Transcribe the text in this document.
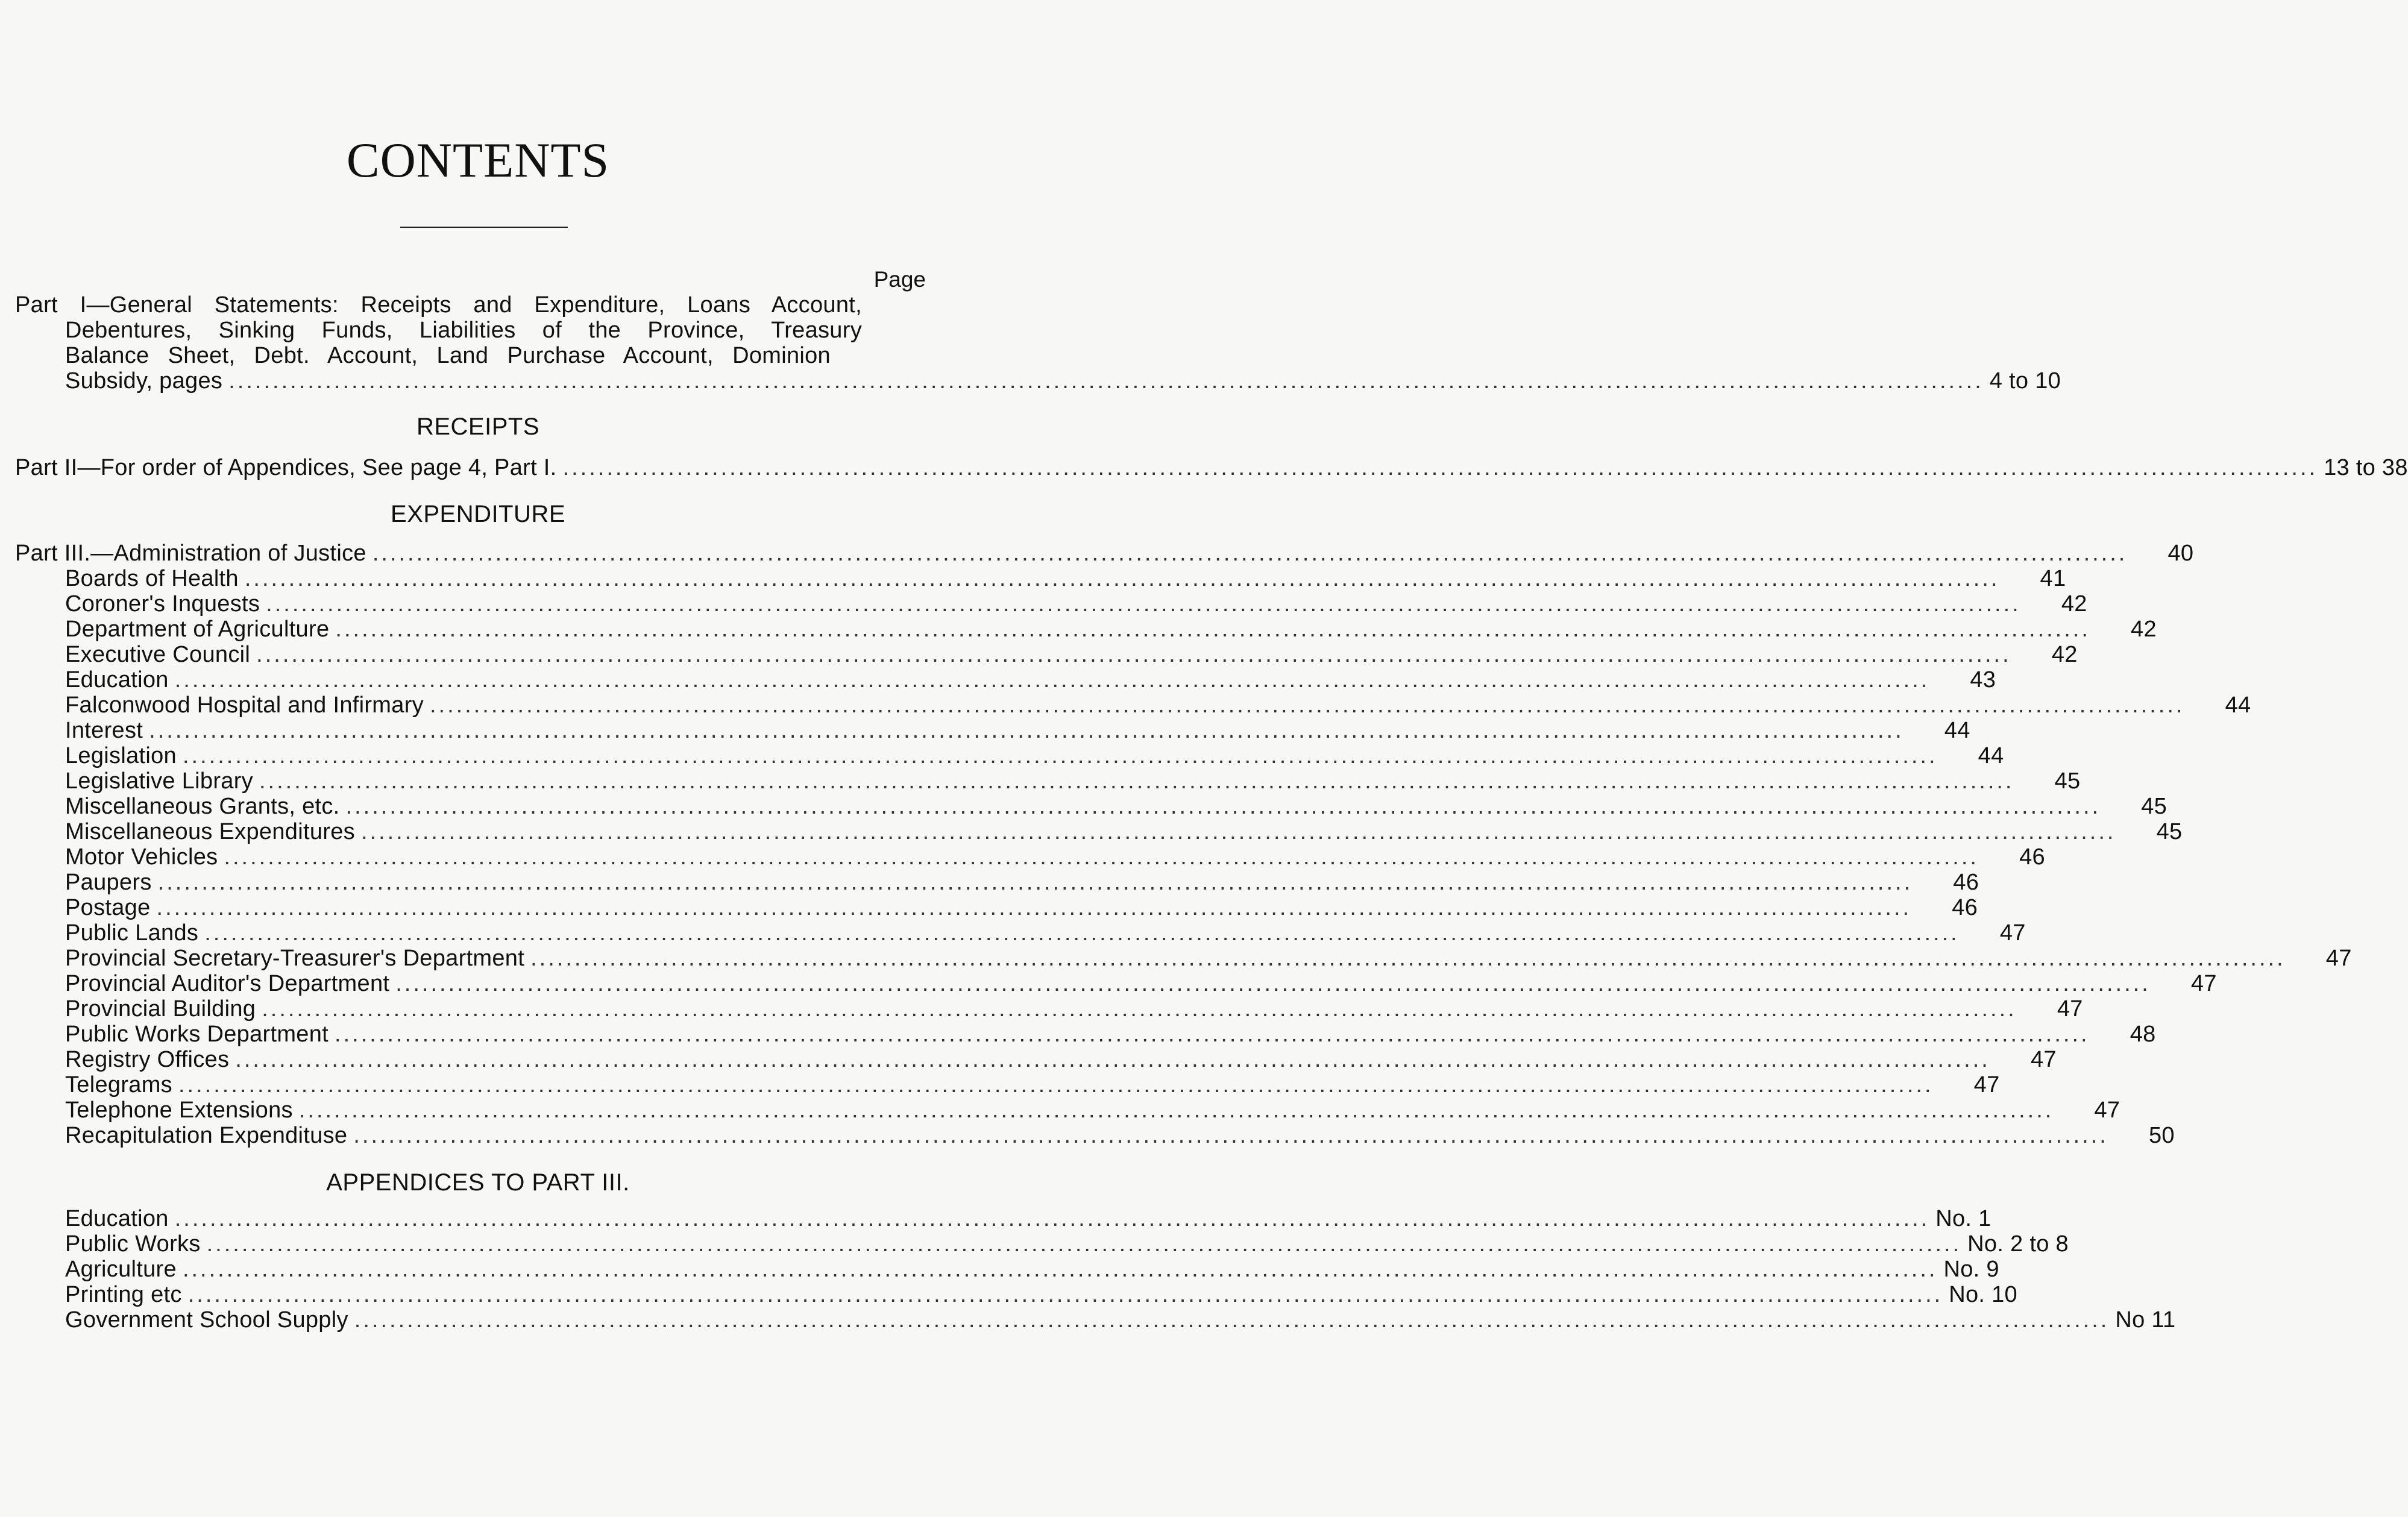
CONTENTS
Page
Part I—General Statements: Receipts and Expenditure, Loans Account,
Debentures, Sinking Funds, Liabilities of the Province, Treasury
Balance Sheet, Debt. Account, Land Purchase Account, Dominion
Subsidy, pages ........................................................................................................................................................................................................ 4 to 10
RECEIPTS
Part II—For order of Appendices, See page 4, Part I. ........................................................................................................................................................................................................ 13 to 38
EXPENDITURE
Part III.—Administration of Justice ........................................................................................................................................................................................................	40
Boards of Health ........................................................................................................................................................................................................	41
Coroner's Inquests ........................................................................................................................................................................................................	42
Department of Agriculture ........................................................................................................................................................................................................	42
Executive Council ........................................................................................................................................................................................................	42
Education ........................................................................................................................................................................................................	43
Falconwood Hospital and Infirmary ........................................................................................................................................................................................................	44
Interest ........................................................................................................................................................................................................	44
Legislation ........................................................................................................................................................................................................	44
Legislative Library ........................................................................................................................................................................................................	45
Miscellaneous Grants, etc. ........................................................................................................................................................................................................	45
Miscellaneous Expenditures ........................................................................................................................................................................................................	45
Motor Vehicles ........................................................................................................................................................................................................	46
Paupers ........................................................................................................................................................................................................	46
Postage ........................................................................................................................................................................................................	46
Public Lands ........................................................................................................................................................................................................	47
Provincial Secretary-Treasurer's Department ........................................................................................................................................................................................................	47
Provincial Auditor's Department ........................................................................................................................................................................................................	47
Provincial Building ........................................................................................................................................................................................................	47
Public Works Department ........................................................................................................................................................................................................	48
Registry Offices ........................................................................................................................................................................................................	47
Telegrams ........................................................................................................................................................................................................	47
Telephone Extensions ........................................................................................................................................................................................................	47
Recapitulation Expendituse ........................................................................................................................................................................................................	50
APPENDICES TO PART III.
Education ........................................................................................................................................................................................................ No. 1
Public Works ........................................................................................................................................................................................................ No. 2 to 8
Agriculture ........................................................................................................................................................................................................ No. 9
Printing etc ........................................................................................................................................................................................................ No. 10
Government School Supply ........................................................................................................................................................................................................ No 11
